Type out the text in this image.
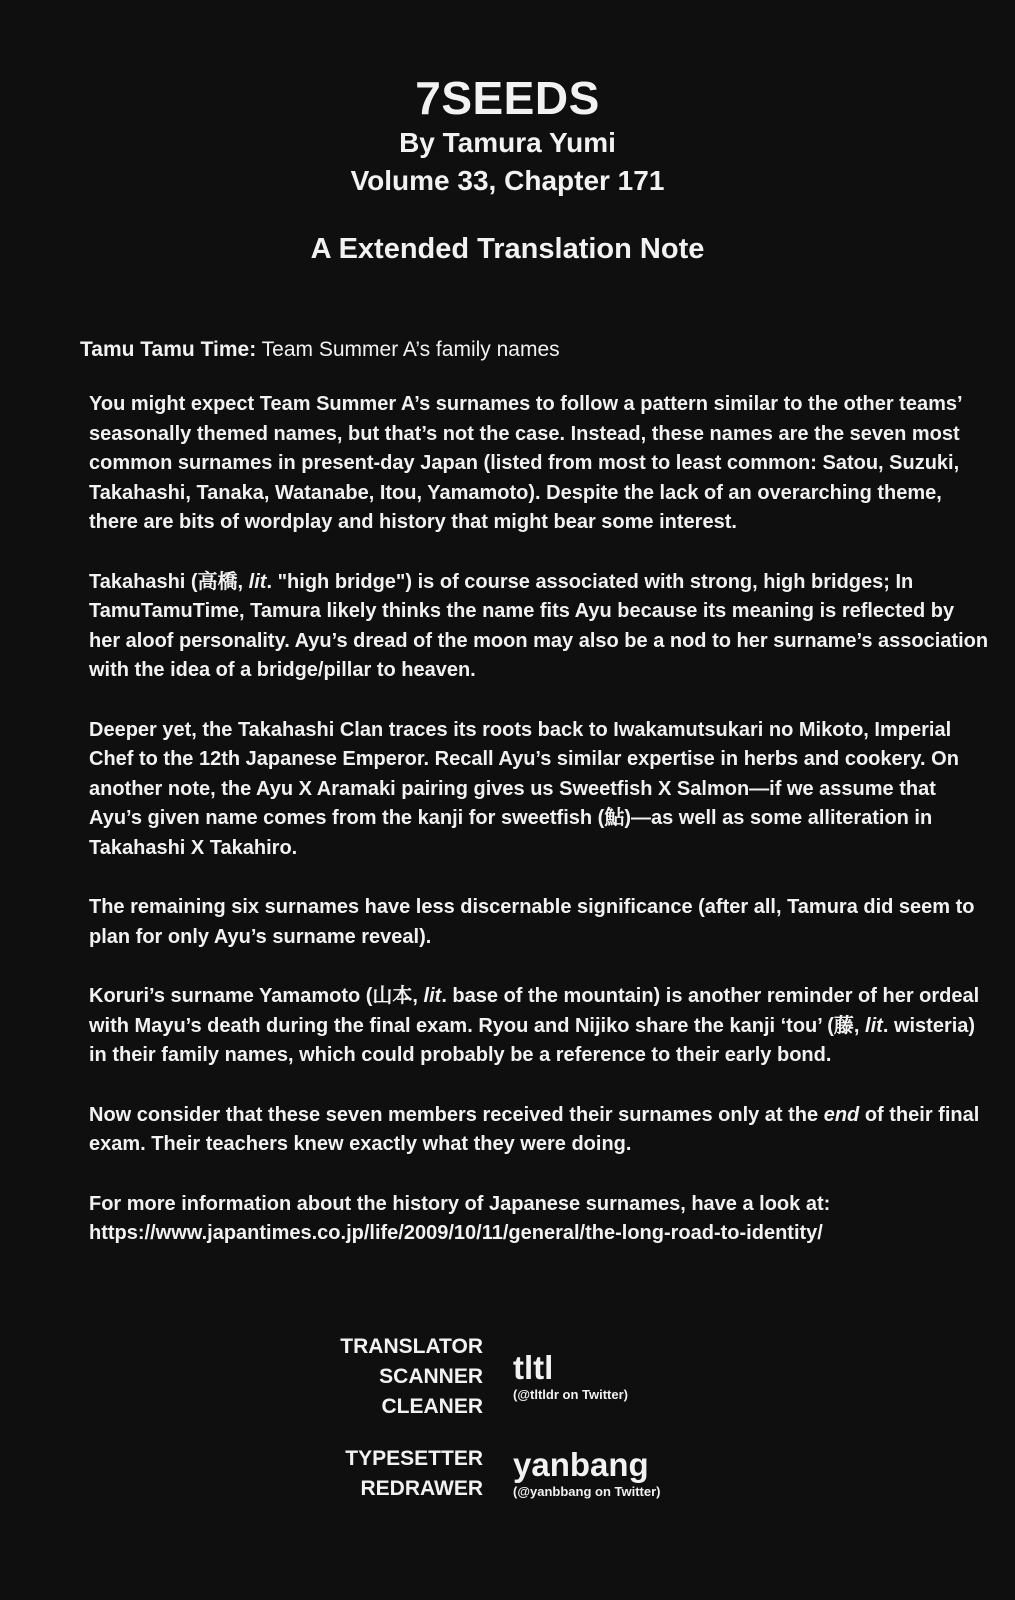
7SEEDS
By Tamura Yumi
Volume 33, Chapter 171
A Extended Translation Note
Tamu Tamu Time: Team Summer A’s family names

You might expect Team Summer A’s surnames to follow a pattern similar to the other teams’ seasonally themed names, but that’s not the case. Instead, these names are the seven most common surnames in present-day Japan (listed from most to least common: Satou, Suzuki, Takahashi, Tanaka, Watanabe, Itou, Yamamoto). Despite the lack of an overarching theme, there are bits of wordplay and history that might bear some interest.

Takahashi (高橋, lit. "high bridge") is of course associated with strong, high bridges; In TamuTamuTime, Tamura likely thinks the name fits Ayu because its meaning is reflected by her aloof personality. Ayu’s dread of the moon may also be a nod to her surname’s association with the idea of a bridge/pillar to heaven.

Deeper yet, the Takahashi Clan traces its roots back to Iwakamutsukari no Mikoto, Imperial Chef to the 12th Japanese Emperor. Recall Ayu’s similar expertise in herbs and cookery. On another note, the Ayu X Aramaki pairing gives us Sweetfish X Salmon—if we assume that Ayu’s given name comes from the kanji for sweetfish (鮎)—as well as some alliteration in Takahashi X Takahiro.

The remaining six surnames have less discernable significance (after all, Tamura did seem to plan for only Ayu’s surname reveal).

Koruri’s surname Yamamoto (山本, lit. base of the mountain) is another reminder of her ordeal with Mayu’s death during the final exam. Ryou and Nijiko share the kanji ‘tou’ (藤, lit. wisteria) in their family names, which could probably be a reference to their early bond.

Now consider that these seven members received their surnames only at the end of their final exam. Their teachers knew exactly what they were doing.

For more information about the history of Japanese surnames, have a look at:
https://www.japantimes.co.jp/life/2009/10/11/general/the-long-road-to-identity/

TRANSLATOR
SCANNER
CLEANER
tltl
(@tltldr on Twitter)
TYPESETTER
REDRAWER
yanbang
(@yanbbang on Twitter)
